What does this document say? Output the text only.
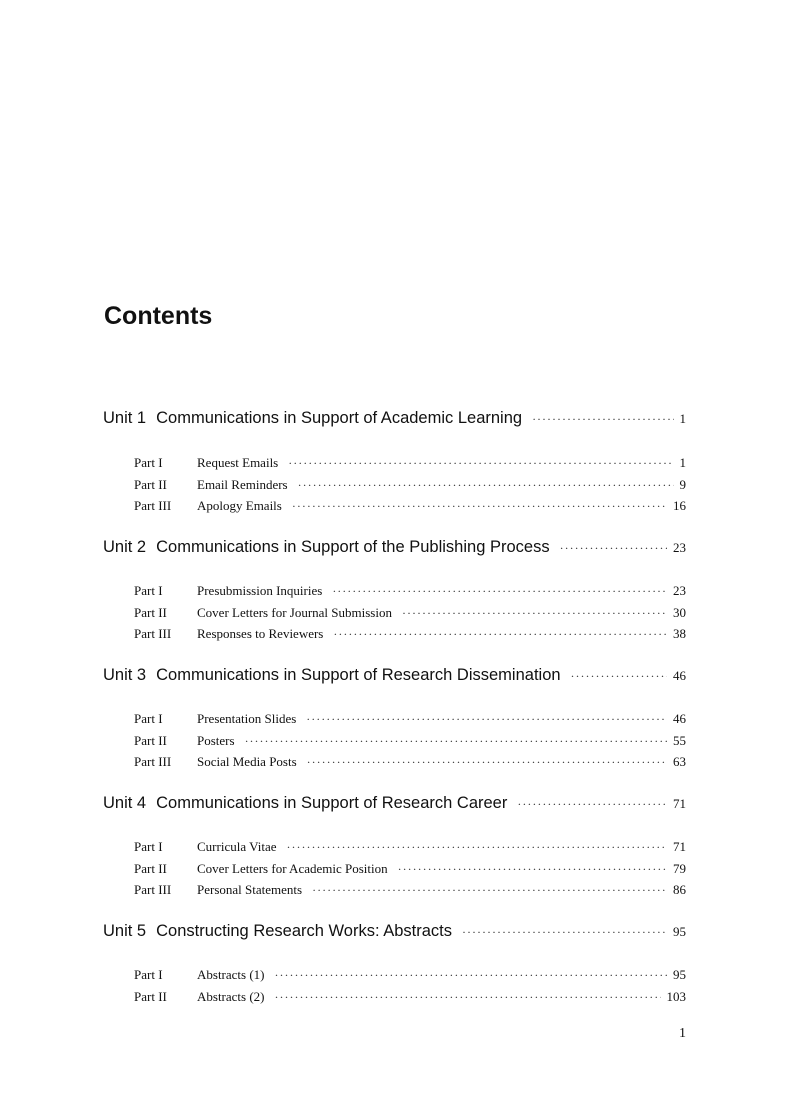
Contents
Unit 1 Communications in Support of Academic Learning ·····	1
Part I	Request Emails ·····	1
Part II	Email Reminders ·····	9
Part III	Apology Emails ·····	16
Unit 2 Communications in Support of the Publishing Process ·····	23
Part I	Presubmission Inquiries ·····	23
Part II	Cover Letters for Journal Submission ·····	30
Part III	Responses to Reviewers ·····	38
Unit 3 Communications in Support of Research Dissemination ·····	46
Part I	Presentation Slides ·····	46
Part II	Posters ·····	55
Part III	Social Media Posts ·····	63
Unit 4 Communications in Support of Research Career ·····	71
Part I	Curricula Vitae ·····	71
Part II	Cover Letters for Academic Position ·····	79
Part III	Personal Statements ·····	86
Unit 5 Constructing Research Works: Abstracts ·····	95
Part I	Abstracts (1) ·····	95
Part II	Abstracts (2) ·····	103
1
